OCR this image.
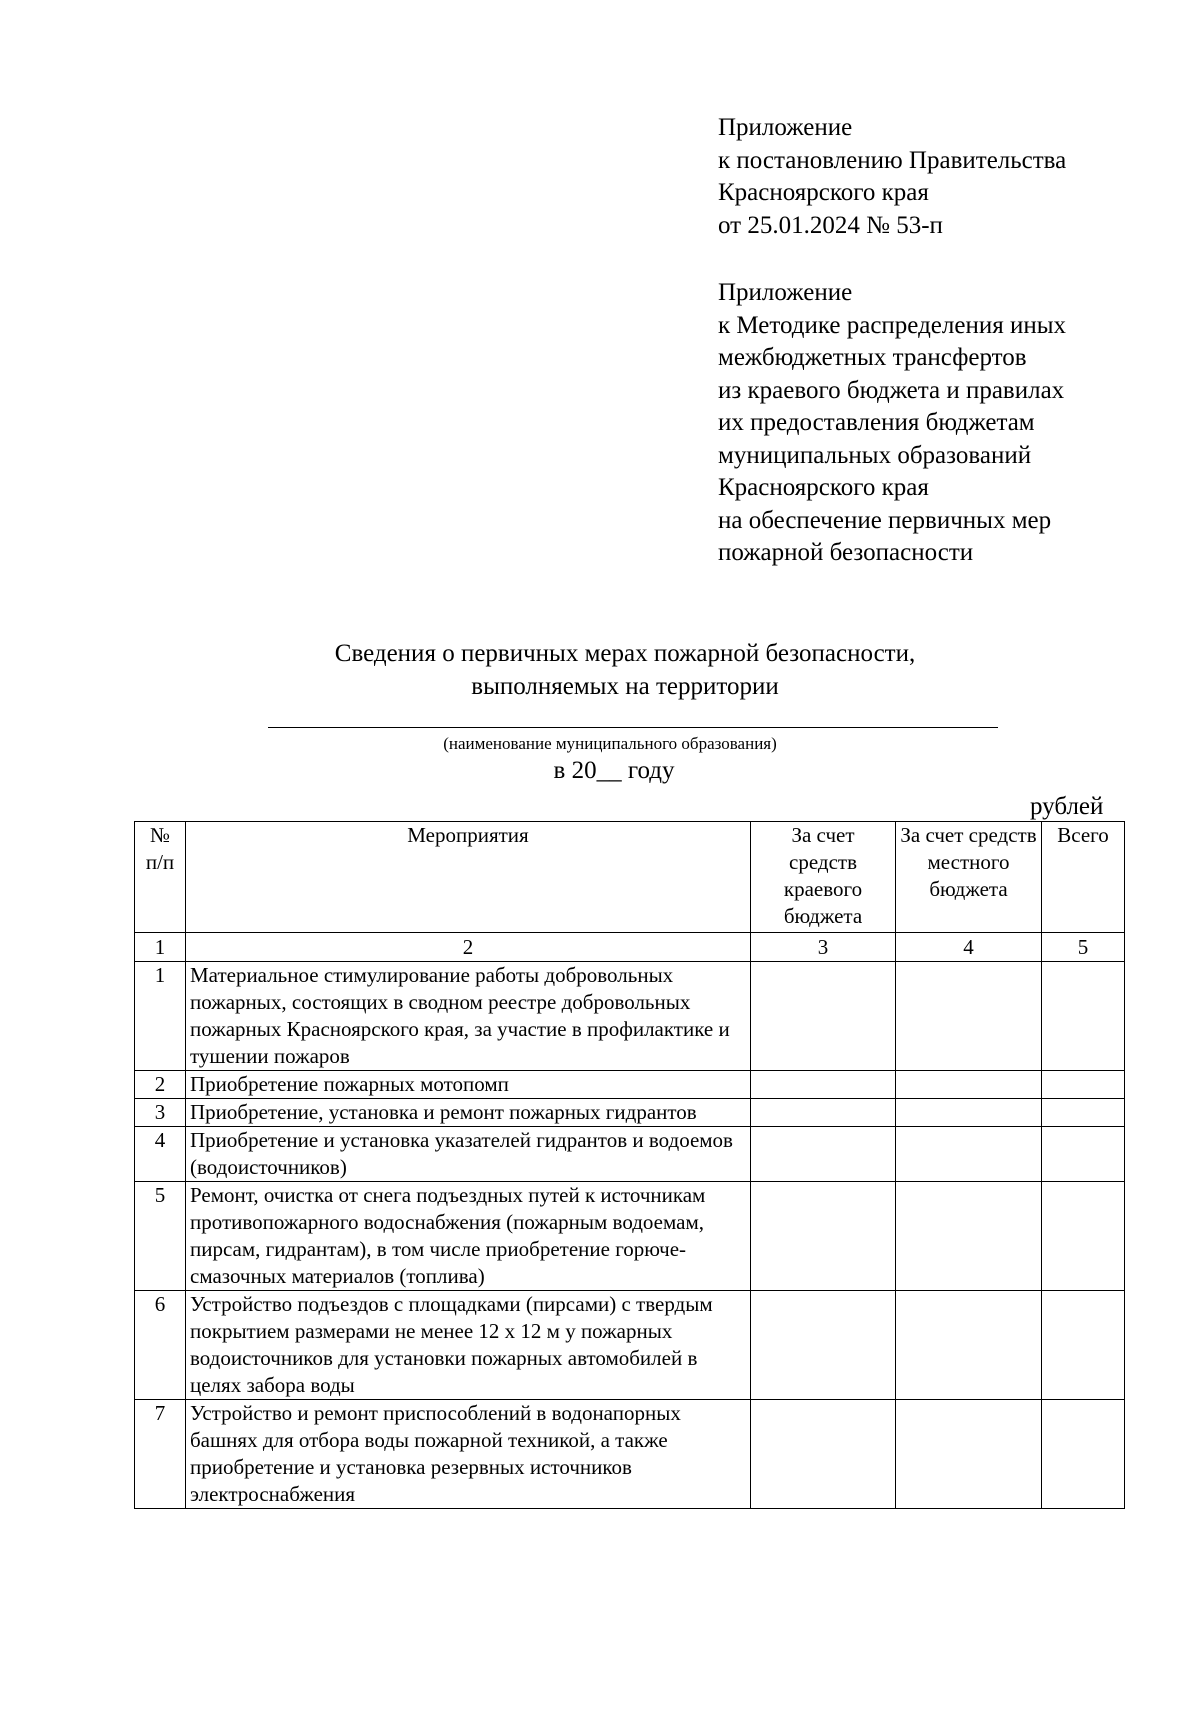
Приложение
к постановлению Правительства
Красноярского края
от 25.01.2024 № 53-п
Приложение
к Методике распределения иных
межбюджетных трансфертов
из краевого бюджета и правилах
их предоставления бюджетам
муниципальных образований
Красноярского края
на обеспечение первичных мер
пожарной безопасности
Сведения о первичных мерах пожарной безопасности,
выполняемых на территории
(наименование муниципального образования)
в 20__ году
рублей
№ п/п	Мероприятия	За счет средств краевого бюджета	За счет средств местного бюджета	Всего
1	2	3	4	5
1	Материальное стимулирование работы добровольных пожарных, состоящих в сводном реестре добровольных пожарных Красноярского края, за участие в профилактике и тушении пожаров			
2	Приобретение пожарных мотопомп			
3	Приобретение, установка и ремонт пожарных гидрантов			
4	Приобретение и установка указателей гидрантов и водоемов (водоисточников)			
5	Ремонт, очистка от снега подъездных путей к источникам противопожарного водоснабжения (пожарным водоемам, пирсам, гидрантам), в том числе приобретение горюче-смазочных материалов (топлива)			
6	Устройство подъездов с площадками (пирсами) с твердым покрытием размерами не менее 12 х 12 м у пожарных водоисточников для установки пожарных автомобилей в целях забора воды			
7	Устройство и ремонт приспособлений в водонапорных башнях для отбора воды пожарной техникой, а также приобретение и установка резервных источников электроснабжения			
